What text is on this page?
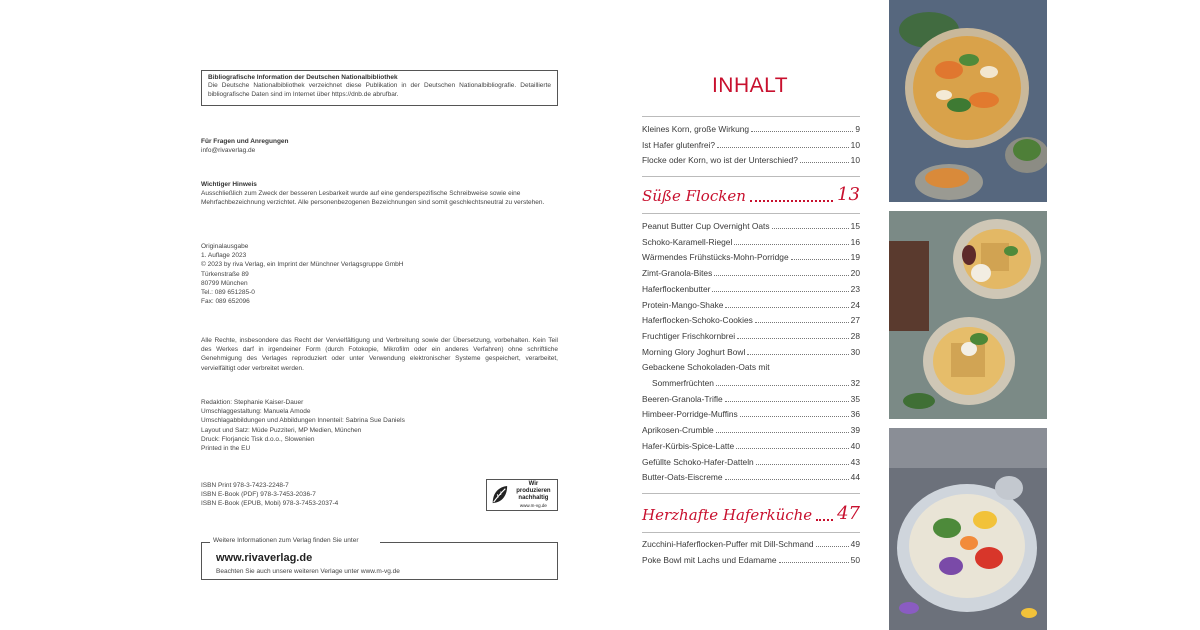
Bibliografische Information der Deutschen Nationalbibliothek
Die Deutsche Nationalbibliothek verzeichnet diese Publikation in der Deutschen Nationalbibliografie. Detaillierte bibliografische Daten sind im Internet über https://dnb.de abrufbar.
Für Fragen und Anregungen
info@rivaverlag.de
Wichtiger Hinweis
Ausschließlich zum Zweck der besseren Lesbarkeit wurde auf eine genderspezifische Schreibweise sowie eine Mehrfachbezeichnung verzichtet. Alle personenbezogenen Bezeichnungen sind somit geschlechtsneutral zu verstehen.
Originalausgabe
1. Auflage 2023
© 2023 by riva Verlag, ein Imprint der Münchner Verlagsgruppe GmbH
Türkenstraße 89
80799 München
Tel.: 089 651285-0
Fax: 089 652096
Alle Rechte, insbesondere das Recht der Vervielfältigung und Verbreitung sowie der Übersetzung, vorbehalten. Kein Teil des Werkes darf in irgendeiner Form (durch Fotokopie, Mikrofilm oder ein anderes Verfahren) ohne schriftliche Genehmigung des Verlages reproduziert oder unter Verwendung elektronischer Systeme gespeichert, verarbeitet, vervielfältigt oder verbreitet werden.
Redaktion: Stephanie Kaiser-Dauer
Umschlaggestaltung: Manuela Amode
Umschlagabbildungen und Abbildungen Innenteil: Sabrina Sue Daniels
Layout und Satz: Müde Puzziteri, MP Medien, München
Druck: Florjancic Tisk d.o.o., Slowenien
Printed in the EU
ISBN Print 978-3-7423-2248-7
ISBN E-Book (PDF) 978-3-7453-2036-7
ISBN E-Book (EPUB, Mobi) 978-3-7453-2037-4
Wir produzieren
nachhaltig
www.m-vg.de
Weitere Informationen zum Verlag finden Sie unter
www.rivaverlag.de
Beachten Sie auch unsere weiteren Verlage unter www.m-vg.de
INHALT
Kleines Korn, große Wirkung	9
Ist Hafer glutenfrei?	10
Flocke oder Korn, wo ist der Unterschied?	10
Süße Flocken	13
Peanut Butter Cup Overnight Oats	15
Schoko-Karamell-Riegel	16
Wärmendes Frühstücks-Mohn-Porridge	19
Zimt-Granola-Bites	20
Haferflockenbutter	23
Protein-Mango-Shake	24
Haferflocken-Schoko-Cookies	27
Fruchtiger Frischkornbrei	28
Morning Glory Joghurt Bowl	30
Gebackene Schokoladen-Oats mit
Sommerfrüchten	32
Beeren-Granola-Trifle	35
Himbeer-Porridge-Muffins	36
Aprikosen-Crumble	39
Hafer-Kürbis-Spice-Latte	40
Gefüllte Schoko-Hafer-Datteln	43
Butter-Oats-Eiscreme	44
Herzhafte Haferküche 47
Zucchini-Haferflocken-Puffer mit Dill-Schmand	49
Poke Bowl mit Lachs und Edamame	50
